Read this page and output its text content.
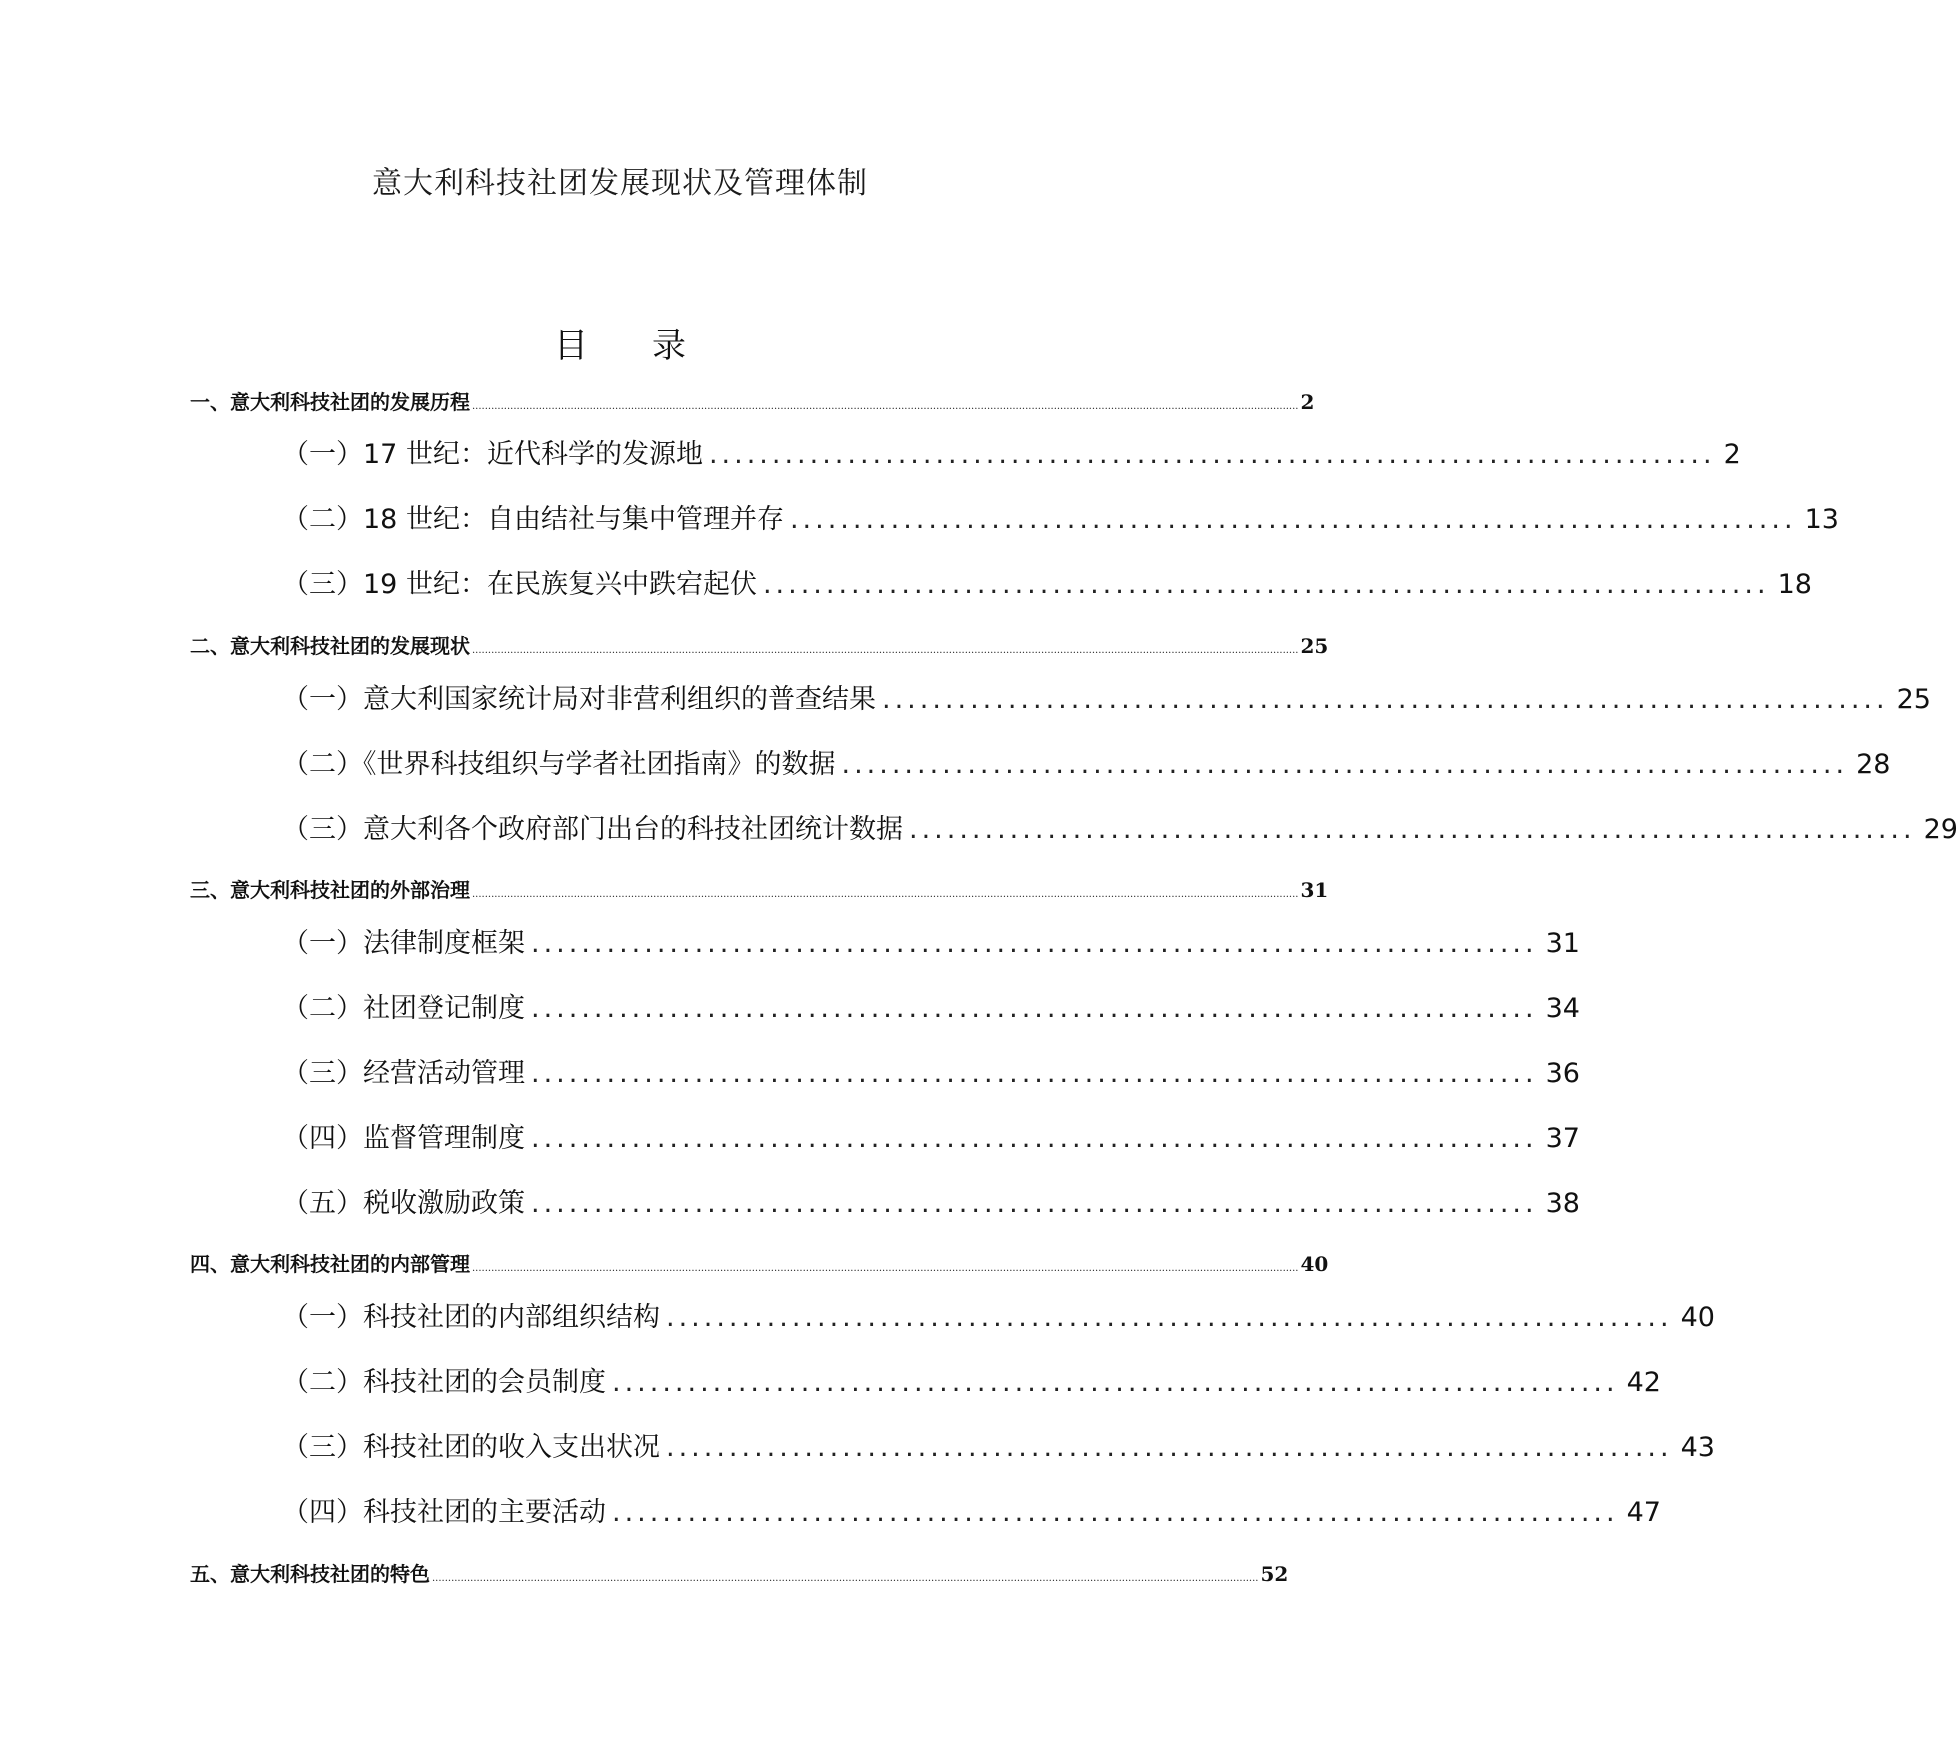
意大利科技社团发展现状及管理体制
目 录
一、意大利科技社团的发展历程 .................................................................................................................................................................................................................................................................... 2
（一）17 世纪：近代科学的发源地 ................................................................................ 2
（二）18 世纪：自由结社与集中管理并存 ................................................................................ 13
（三）19 世纪：在民族复兴中跌宕起伏 ................................................................................ 18
二、意大利科技社团的发展现状 .................................................................................................................................................................................................................................................................... 25
（一）意大利国家统计局对非营利组织的普查结果 ................................................................................ 25
（二）《世界科技组织与学者社团指南》的数据 ................................................................................ 28
（三）意大利各个政府部门出台的科技社团统计数据 ................................................................................ 29
三、意大利科技社团的外部治理 .................................................................................................................................................................................................................................................................... 31
（一）法律制度框架 ................................................................................ 31
（二）社团登记制度 ................................................................................ 34
（三）经营活动管理 ................................................................................ 36
（四）监督管理制度 ................................................................................ 37
（五）税收激励政策 ................................................................................ 38
四、意大利科技社团的内部管理 .................................................................................................................................................................................................................................................................... 40
（一）科技社团的内部组织结构 ................................................................................ 40
（二）科技社团的会员制度 ................................................................................ 42
（三）科技社团的收入支出状况 ................................................................................ 43
（四）科技社团的主要活动 ................................................................................ 47
五、意大利科技社团的特色 .................................................................................................................................................................................................................................................................... 52
